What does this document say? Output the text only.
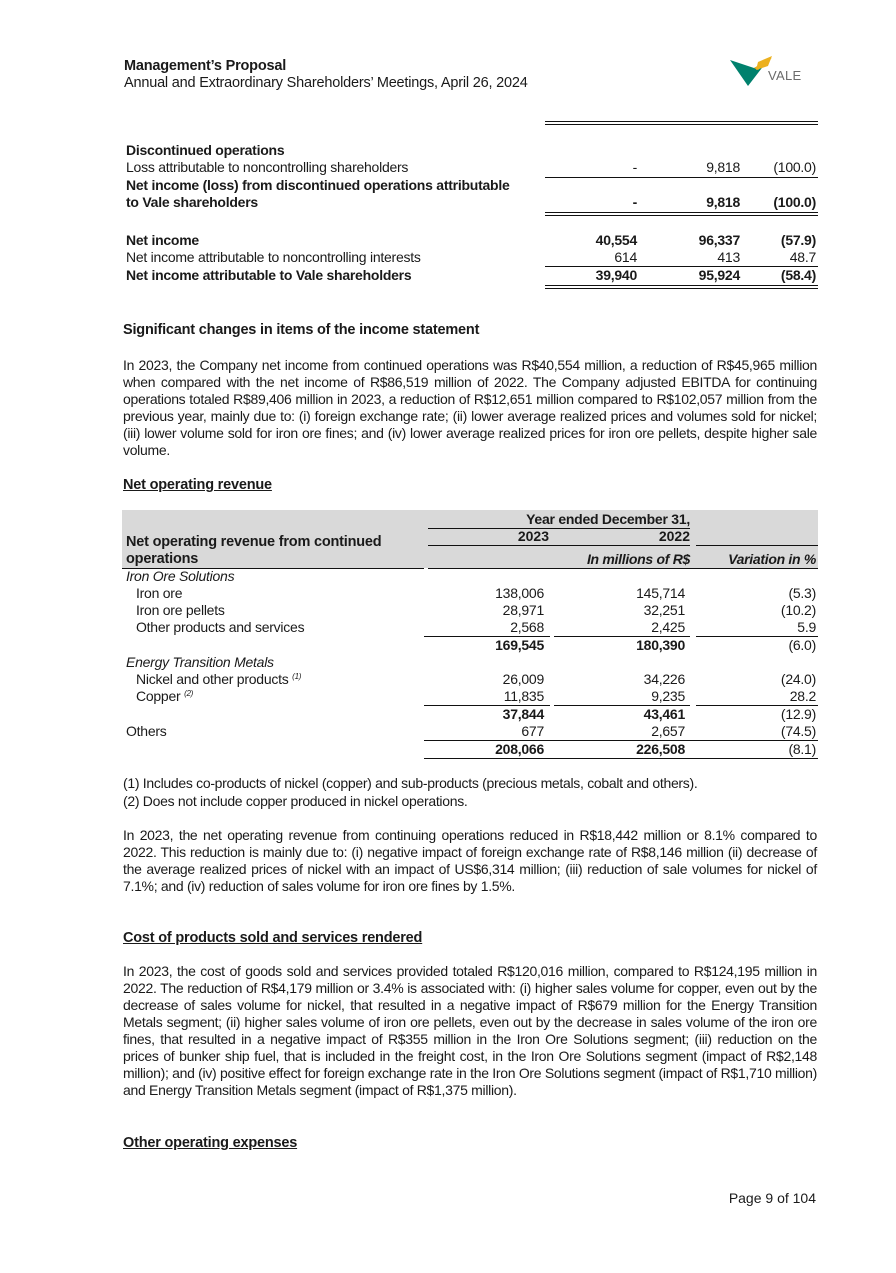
Management’s Proposal
Annual and Extraordinary Shareholders’ Meetings, April 26, 2024	VALE
Discontinued operations
Loss attributable to noncontrolling shareholders	-	9,818 (100.0)
Net income (loss) from discontinued operations attributable
to Vale shareholders	-	9,818 (100.0)
Net income	40,554	96,337	(57.9)
Net income attributable to noncontrolling interests	614	413	48.7
Net income attributable to Vale shareholders	39,940	95,924	(58.4)
Significant changes in items of the income statement
In 2023, the Company net income from continued operations was R$40,554 million, a reduction of R$45,965 million when compared with the net income of R$86,519 million of 2022. The Company adjusted EBITDA for continuing operations totaled R$89,406 million in 2023, a reduction of R$12,651 million compared to R$102,057 million from the previous year, mainly due to: (i) foreign exchange rate; (ii) lower average realized prices and volumes sold for nickel; (iii) lower volume sold for iron ore fines; and (iv) lower average realized prices for iron ore pellets, despite higher sale volume.
Net operating revenue
Year ended December 31,
2023	2022
Net operating revenue from continued
operations	In millions of R$	Variation in %
Iron Ore Solutions
Iron ore	138,006	145,714	(5.3)
Iron ore pellets	28,971	32,251	(10.2)
Other products and services	2,568	2,425	5.9
169,545	180,390	(6.0)
Energy Transition Metals
Nickel and other products $^{(1)}$	26,009	34,226	(24.0)
Copper $^{(2)}$	11,835	9,235	28.2
37,844	43,461	(12.9)
Others	677	2,657	(74.5)
208,066	226,508	(8.1)
(1) Includes co-products of nickel (copper) and sub-products (precious metals, cobalt and others).
(2) Does not include copper produced in nickel operations.
In 2023, the net operating revenue from continuing operations reduced in R$18,442 million or 8.1% compared to 2022. This reduction is mainly due to: (i) negative impact of foreign exchange rate of R$8,146 million (ii) decrease of the average realized prices of nickel with an impact of US$6,314 million; (iii) reduction of sale volumes for nickel of 7.1%; and (iv) reduction of sales volume for iron ore fines by 1.5%.
Cost of products sold and services rendered
In 2023, the cost of goods sold and services provided totaled R$120,016 million, compared to R$124,195 million in 2022. The reduction of R$4,179 million or 3.4% is associated with: (i) higher sales volume for copper, even out by the decrease of sales volume for nickel, that resulted in a negative impact of R$679 million for the Energy Transition Metals segment; (ii) higher sales volume of iron ore pellets, even out by the decrease in sales volume of the iron ore fines, that resulted in a negative impact of R$355 million in the Iron Ore Solutions segment; (iii) reduction on the prices of bunker ship fuel, that is included in the freight cost, in the Iron Ore Solutions segment (impact of R$2,148 million); and (iv) positive effect for foreign exchange rate in the Iron Ore Solutions segment (impact of R$1,710 million) and Energy Transition Metals segment (impact of R$1,375 million).
Other operating expenses
Page 9 of 104
